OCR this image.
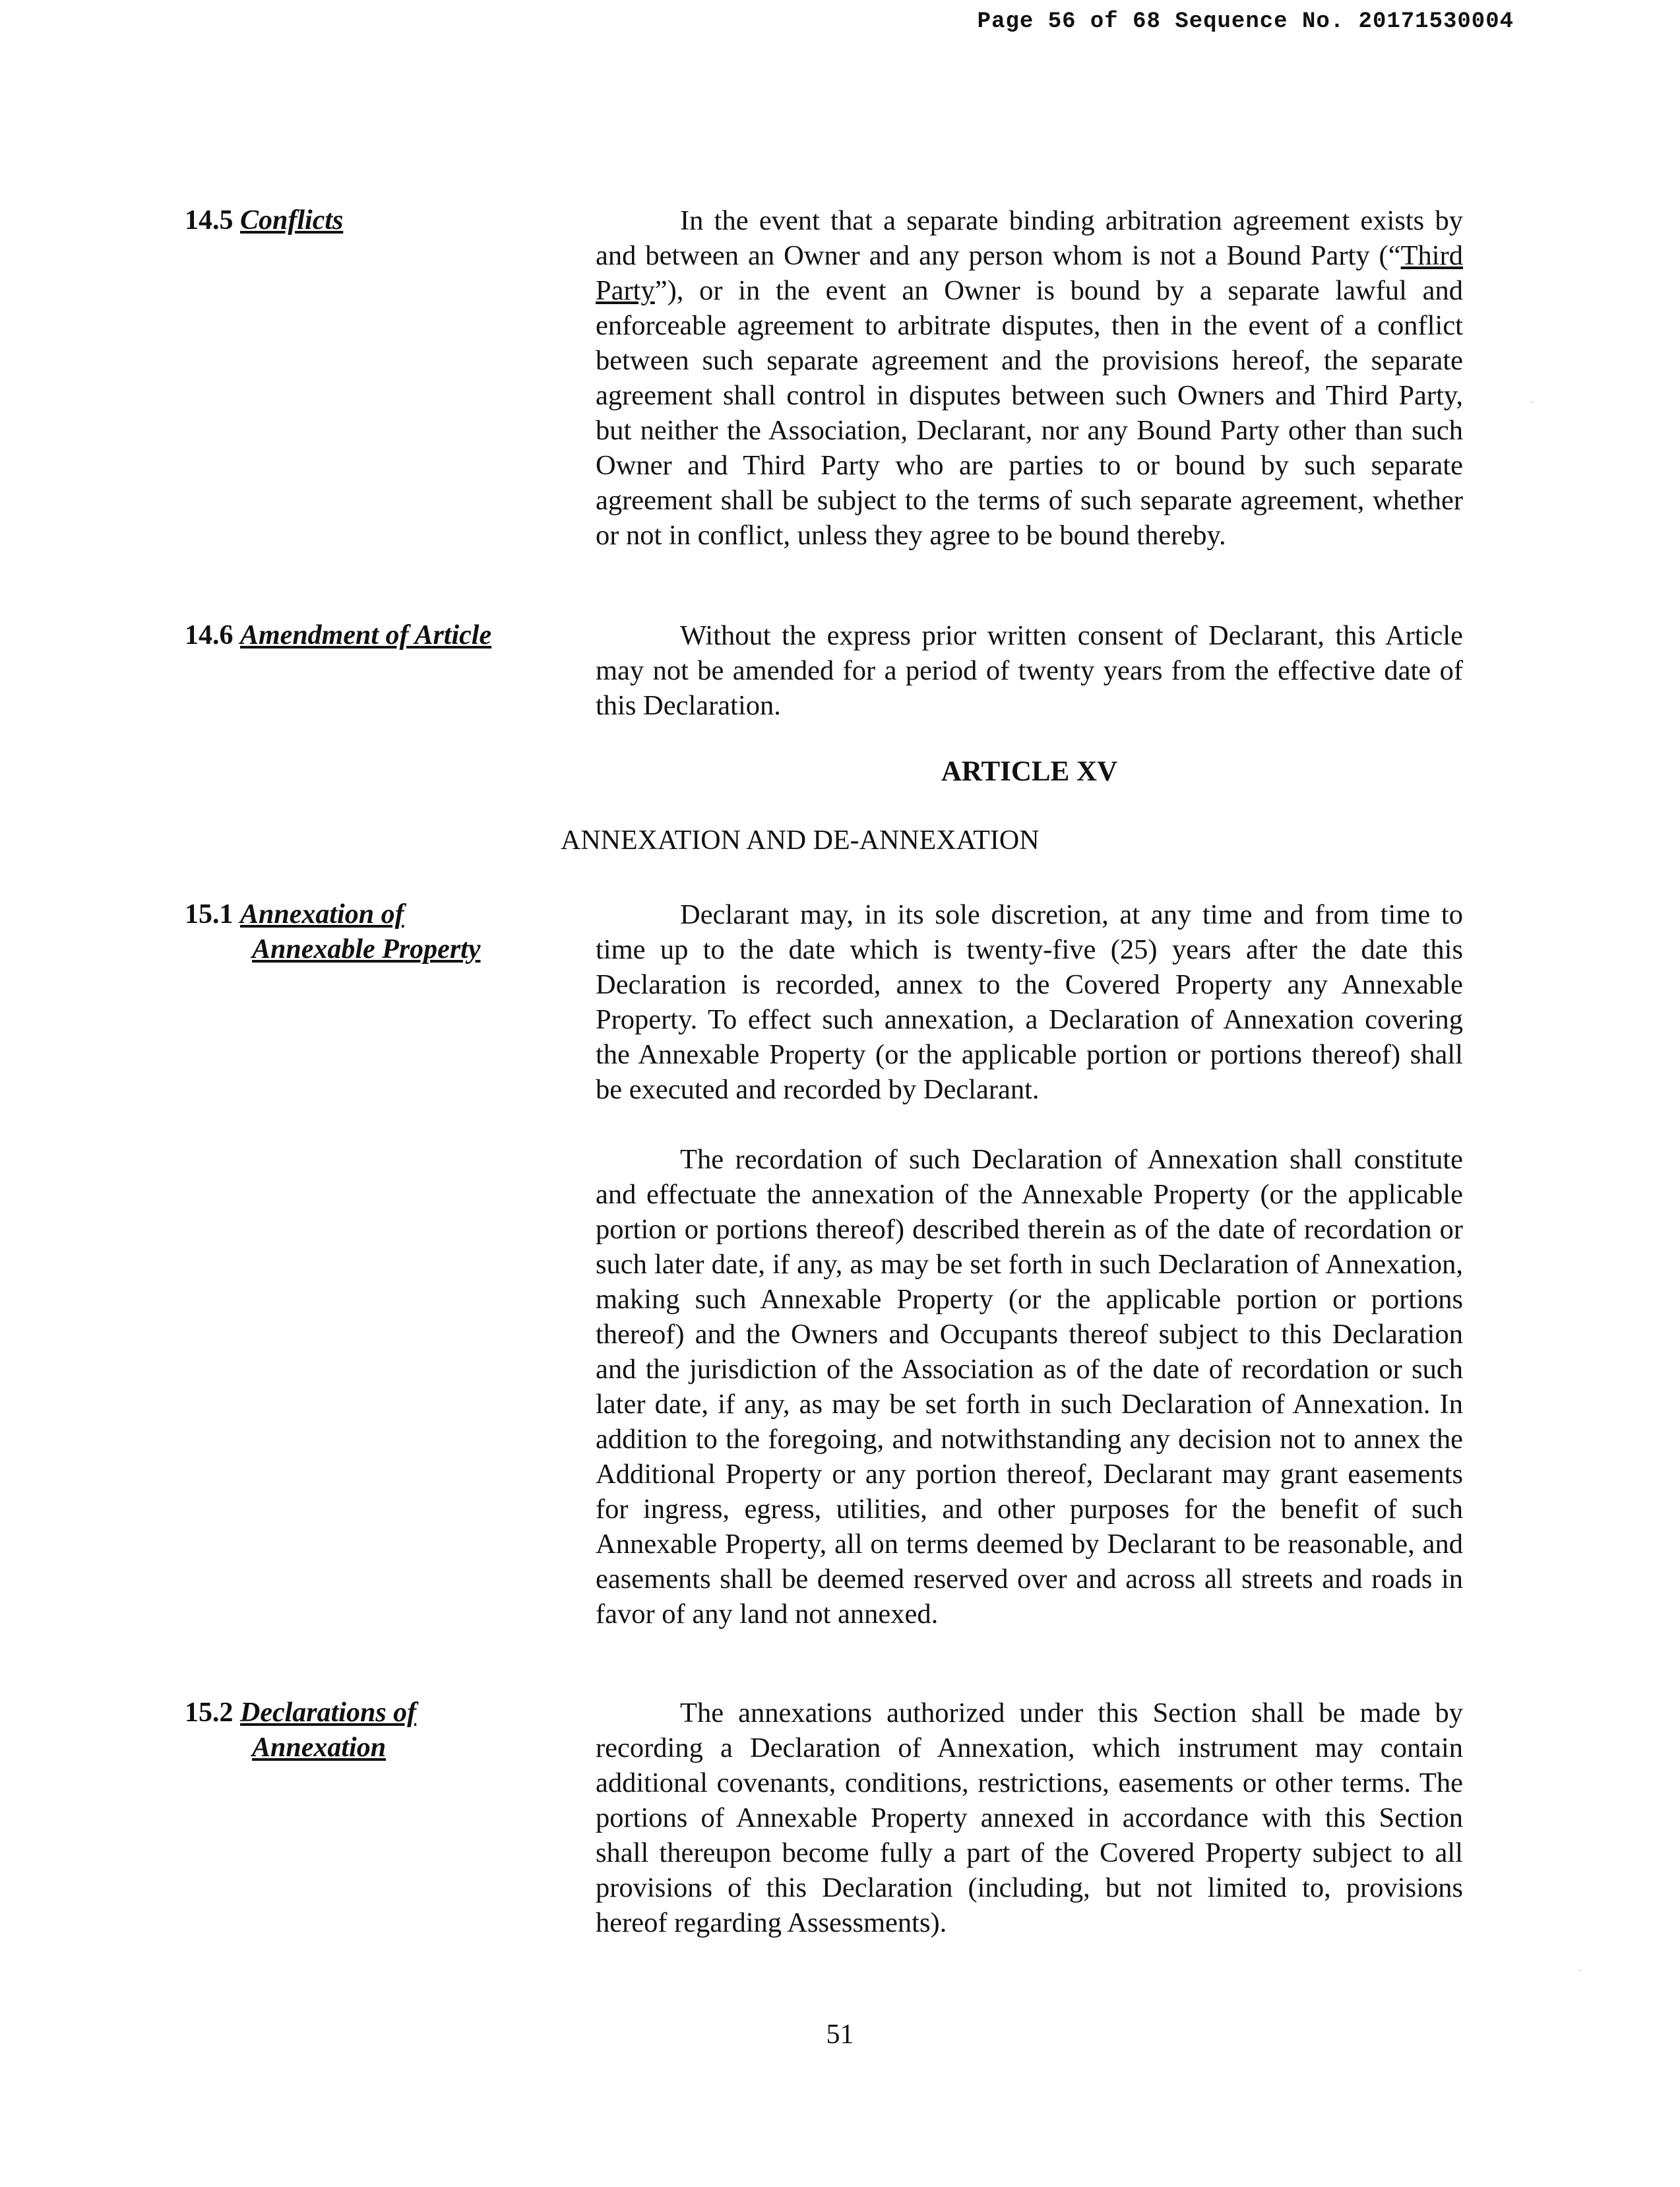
Page 56 of 68 Sequence No. 20171530004
14.5 Conflicts	In the event that a separate binding arbitration agreement exists by and between an Owner and any person whom is not a Bound Party (“Third Party”), or in the event an Owner is bound by a separate lawful and enforceable agreement to arbitrate disputes, then in the event of a conflict between such separate agreement and the provisions hereof, the separate agreement shall control in disputes between such Owners and Third Party, but neither the Association, Declarant, nor any Bound Party other than such Owner and Third Party who are parties to or bound by such separate agreement shall be subject to the terms of such separate agreement, whether or not in conflict, unless they agree to be bound thereby.

14.6 Amendment of Article	Without the express prior written consent of Declarant, this Article may not be amended for a period of twenty years from the effective date of this Declaration.

ARTICLE XV
ANNEXATION AND DE-ANNEXATION
15.1 Annexation of
Annexable Property

Declarant may, in its sole discretion, at any time and from time to time up to the date which is twenty-five (25) years after the date this Declaration is recorded, annex to the Covered Property any Annexable Property. To effect such annexation, a Declaration of Annexation covering the Annexable Property (or the applicable portion or portions thereof) shall be executed and recorded by Declarant.

The recordation of such Declaration of Annexation shall constitute and effectuate the annexation of the Annexable Property (or the applicable portion or portions thereof) described therein as of the date of recordation or such later date, if any, as may be set forth in such Declaration of Annexation, making such Annexable Property (or the applicable portion or portions thereof) and the Owners and Occupants thereof subject to this Declaration and the jurisdiction of the Association as of the date of recordation or such later date, if any, as may be set forth in such Declaration of Annexation. In addition to the foregoing, and notwithstanding any decision not to annex the Additional Property or any portion thereof, Declarant may grant easements for ingress, egress, utilities, and other purposes for the benefit of such Annexable Property, all on terms deemed by Declarant to be reasonable, and easements shall be deemed reserved over and across all streets and roads in favor of any land not annexed.

15.2 Declarations of
Annexation

The annexations authorized under this Section shall be made by recording a Declaration of Annexation, which instrument may contain additional covenants, conditions, restrictions, easements or other terms. The portions of Annexable Property annexed in accordance with this Section shall thereupon become fully a part of the Covered Property subject to all provisions of this Declaration (including, but not limited to, provisions hereof regarding Assessments).

51
